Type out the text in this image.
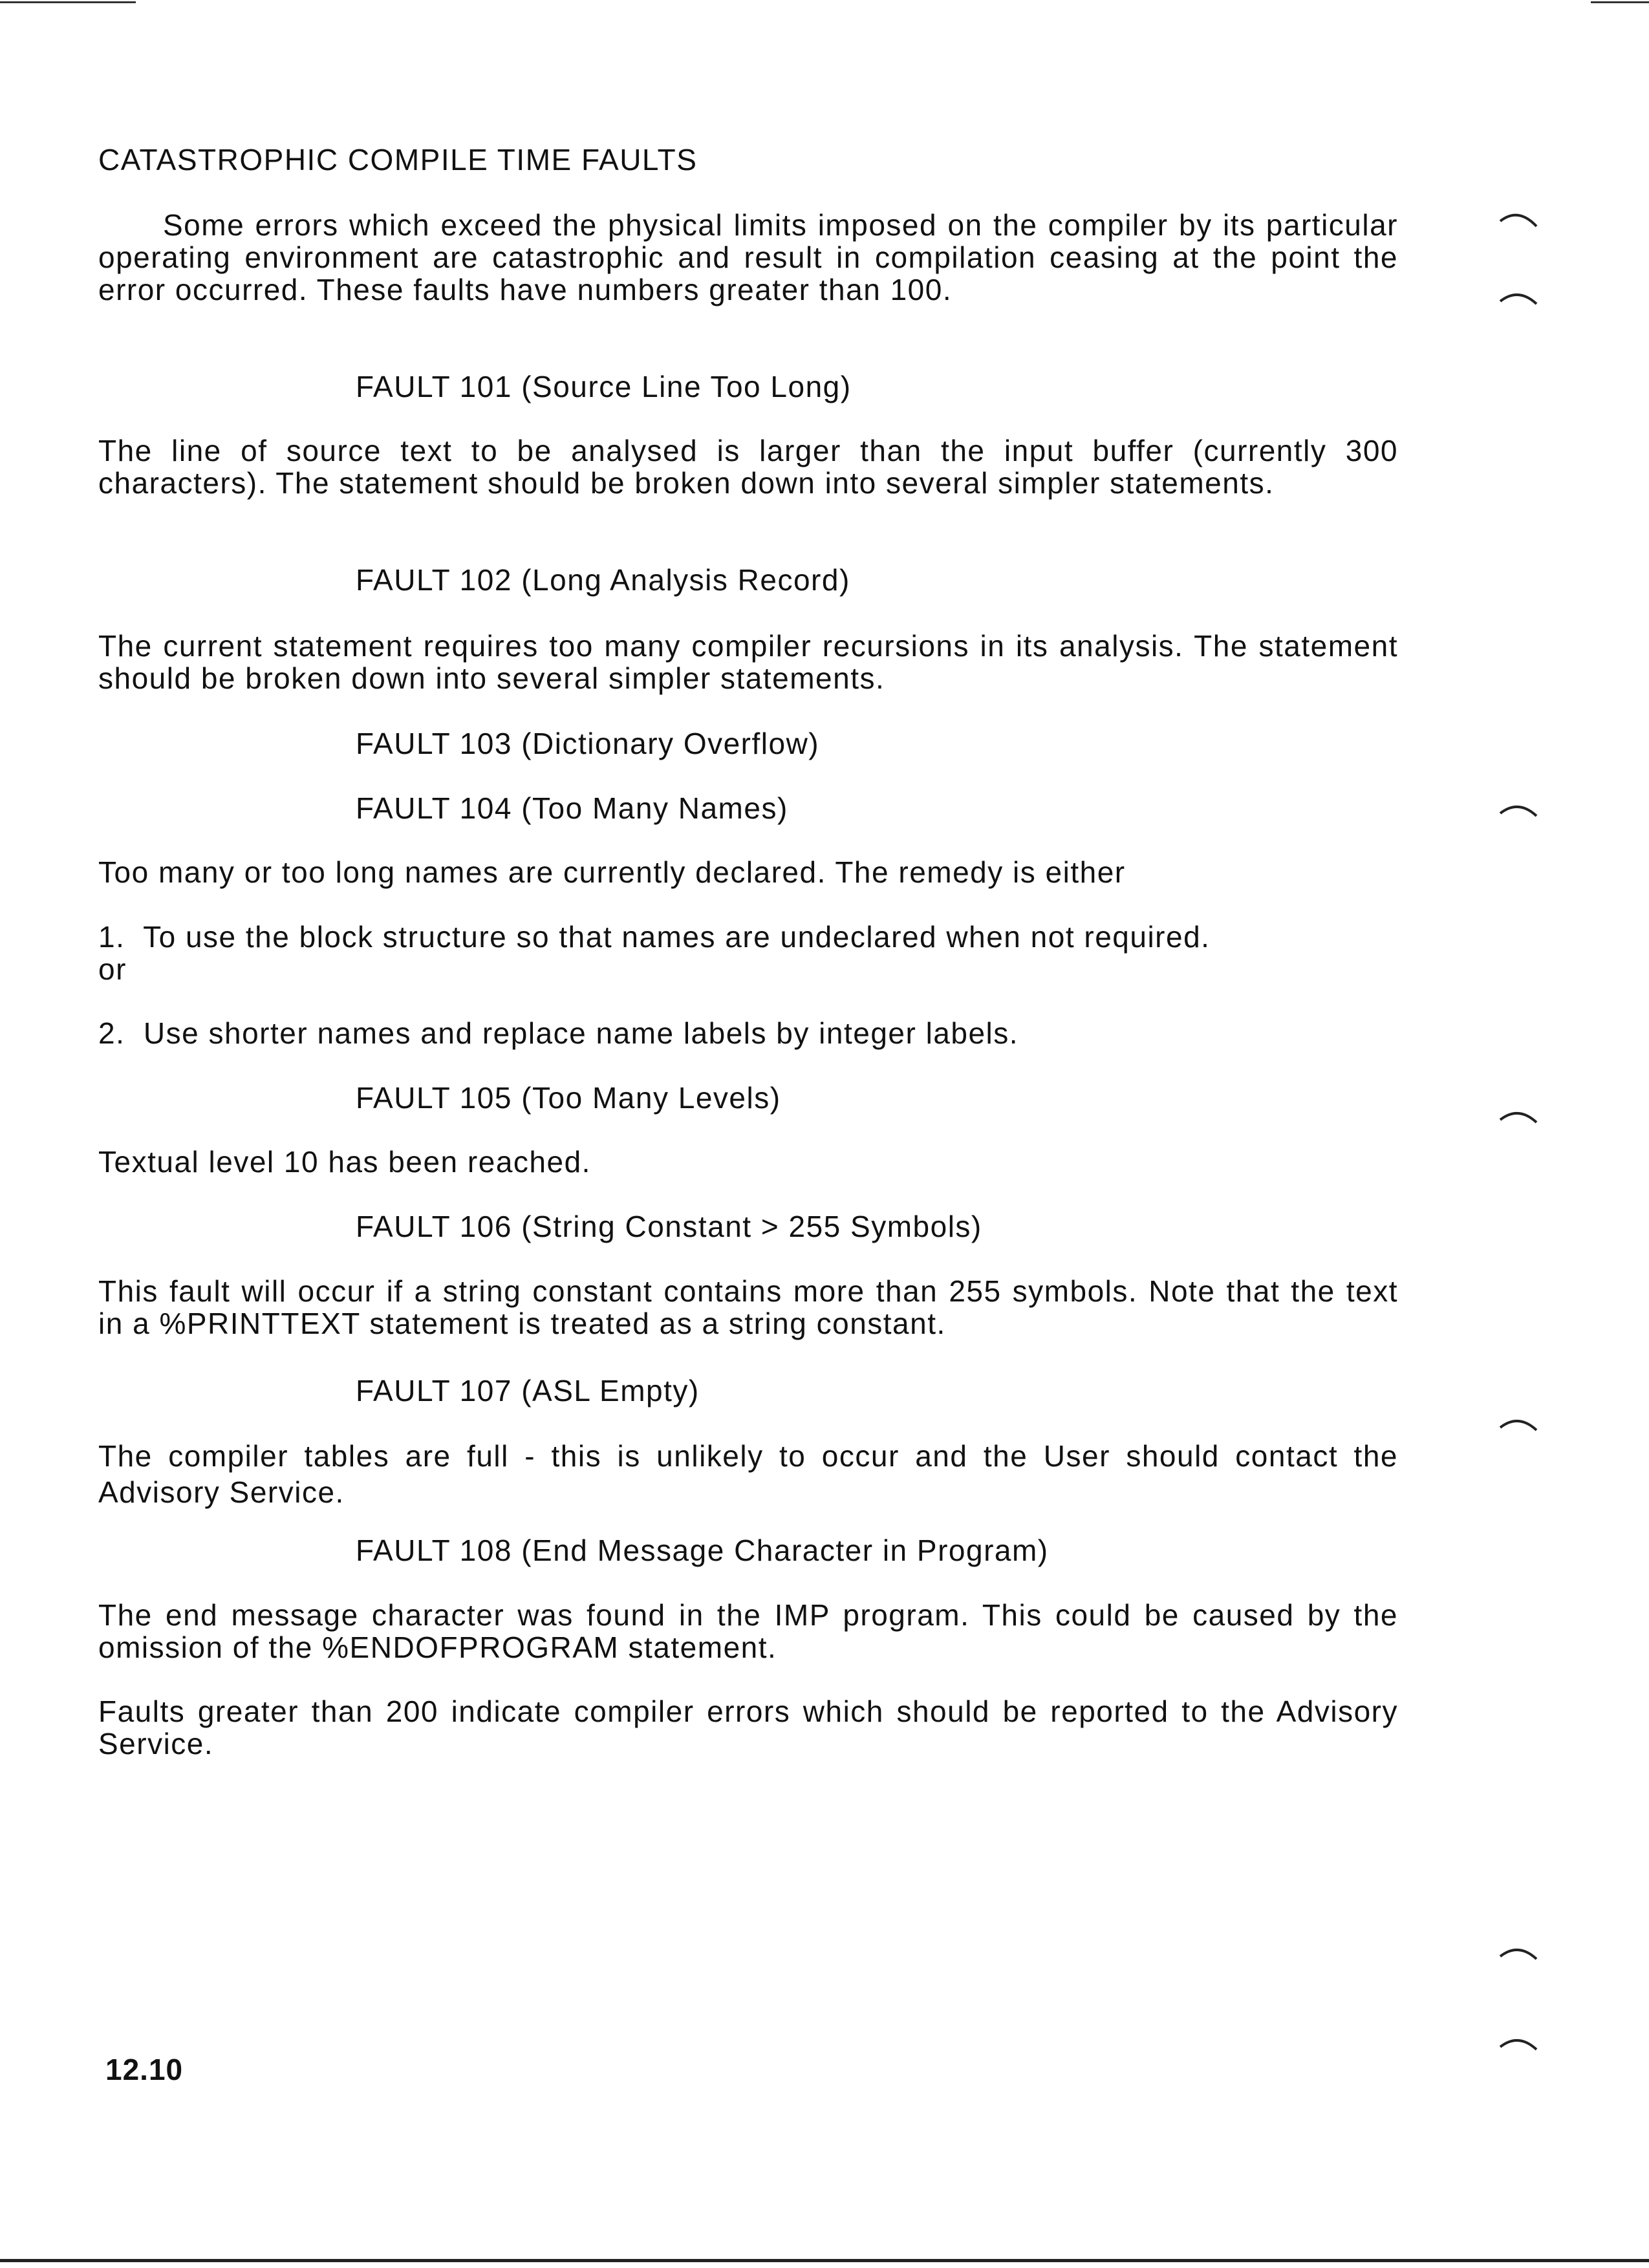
CATASTROPHIC COMPILE TIME FAULTS
Some errors which exceed the physical limits imposed on the compiler by its particular operating environment are catastrophic and result in compilation ceasing at the point the error occurred. These faults have numbers greater than 100.
FAULT 101 (Source Line Too Long)
The line of source text to be analysed is larger than the input buffer (currently 300 characters). The statement should be broken down into several simpler statements.
FAULT 102 (Long Analysis Record)
The current statement requires too many compiler recursions in its analysis. The statement should be broken down into several simpler statements.
FAULT 103 (Dictionary Overflow)
FAULT 104 (Too Many Names)
Too many or too long names are currently declared. The remedy is either
1.  To use the block structure so that names are undeclared when not required.
or
2.  Use shorter names and replace name labels by integer labels.
FAULT 105 (Too Many Levels)
Textual level 10 has been reached.
FAULT 106 (String Constant > 255 Symbols)
This fault will occur if a string constant contains more than 255 symbols. Note that the text in a %PRINTTEXT statement is treated as a string constant.
FAULT 107 (ASL Empty)
The compiler tables are full - this is unlikely to occur and the User should contact the Advisory Service.
FAULT 108 (End Message Character in Program)
The end message character was found in the IMP program. This could be caused by the omission of the %ENDOFPROGRAM statement.
Faults greater than 200 indicate compiler errors which should be reported to the Advisory Service.
12.10
